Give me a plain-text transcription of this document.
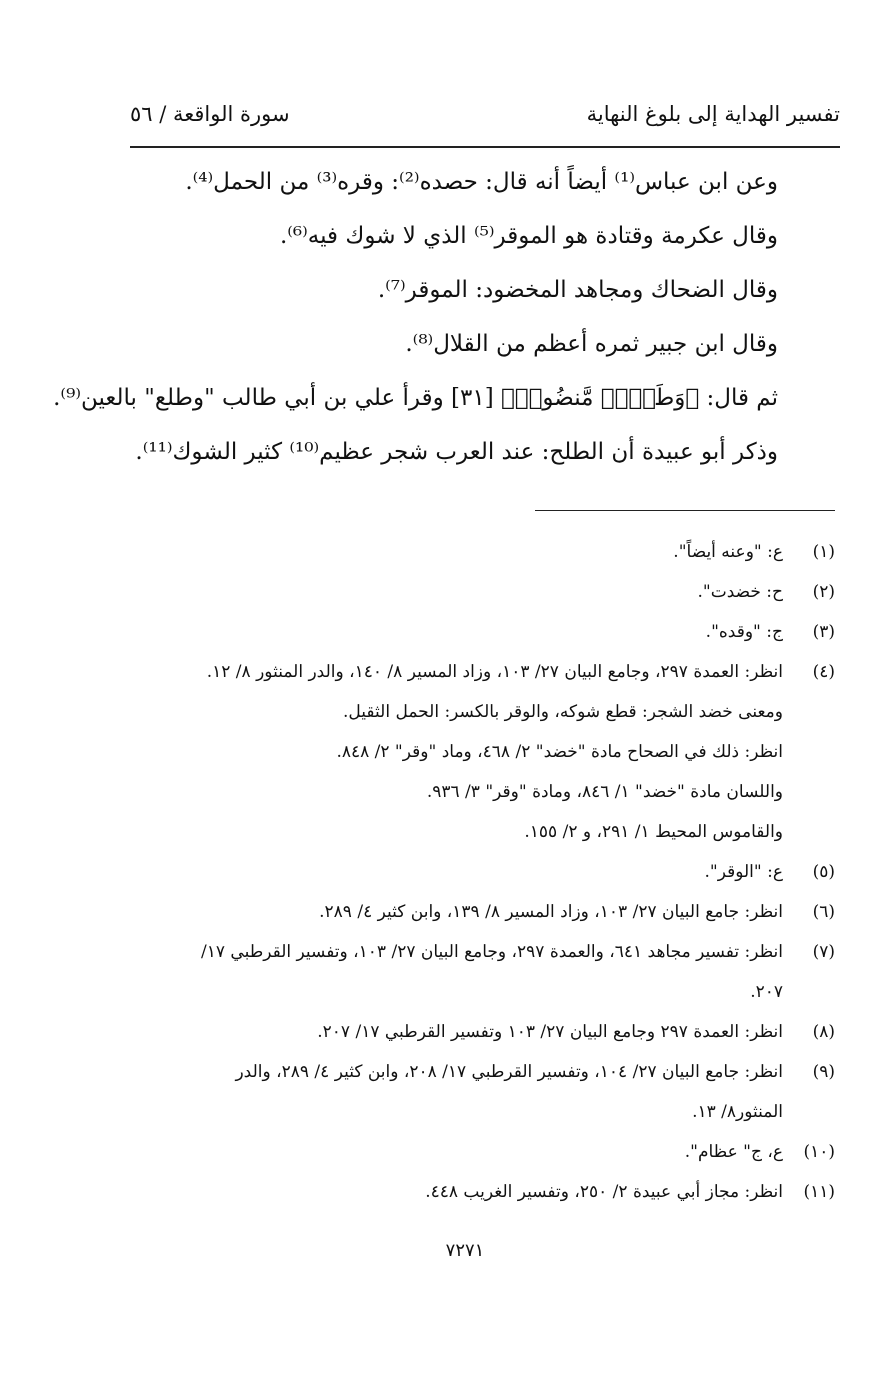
تفسير الهداية إلى بلوغ النهاية
سورة الواقعة / ٥٦
وعن ابن عباس⁽¹⁾ أيضاً أنه قال: حصده⁽²⁾: وقره⁽³⁾ من الحمل⁽⁴⁾.
وقال عكرمة وقتادة هو الموقر⁽⁵⁾ الذي لا شوك فيه⁽⁶⁾.
وقال الضحاك ومجاهد المخضود: الموقر⁽⁷⁾.
وقال ابن جبير ثمره أعظم من القلال⁽⁸⁾.
ثم قال: ﴿وَطَلۡحٖ مَّنضُودٖ﴾ [٣١] وقرأ علي بن أبي طالب "وطلع" بالعين⁽⁹⁾.
وذكر أبو عبيدة أن الطلح: عند العرب شجر عظيم⁽¹⁰⁾ كثير الشوك⁽¹¹⁾.
(١)
ع: "وعنه أيضاً".
(٢)
ح: خضدت".
(٣)
ج: "وقده".
(٤)
انظر: العمدة ٢٩٧، وجامع البيان ٢٧/ ١٠٣، وزاد المسير ٨/ ١٤٠، والدر المنثور ٨/ ١٢.
ومعنى خضد الشجر: قطع شوكه، والوقر بالكسر: الحمل الثقيل.
انظر: ذلك في الصحاح مادة "خضد" ٢/ ٤٦٨، وماد "وقر" ٢/ ٨٤٨.
واللسان مادة "خضد" ١/ ٨٤٦، ومادة "وقر" ٣/ ٩٣٦.
والقاموس المحيط ١/ ٢٩١، و ٢/ ١٥٥.
(٥)
ع: "الوقر".
(٦)
انظر: جامع البيان ٢٧/ ١٠٣، وزاد المسير ٨/ ١٣٩، وابن كثير ٤/ ٢٨٩.
(٧)
انظر: تفسير مجاهد ٦٤١، والعمدة ٢٩٧، وجامع البيان ٢٧/ ١٠٣، وتفسير القرطبي ١٧/
٢٠٧.
(٨)
انظر: العمدة ٢٩٧ وجامع البيان ٢٧/ ١٠٣ وتفسير القرطبي ١٧/ ٢٠٧.
(٩)
انظر: جامع البيان ٢٧/ ١٠٤، وتفسير القرطبي ١٧/ ٢٠٨، وابن كثير ٤/ ٢٨٩، والدر
المنثور٨/ ١٣.
(١٠)
ع، ج" عظام".
(١١)
انظر: مجاز أبي عبيدة ٢/ ٢٥٠، وتفسير الغريب ٤٤٨.
٧٢٧١
